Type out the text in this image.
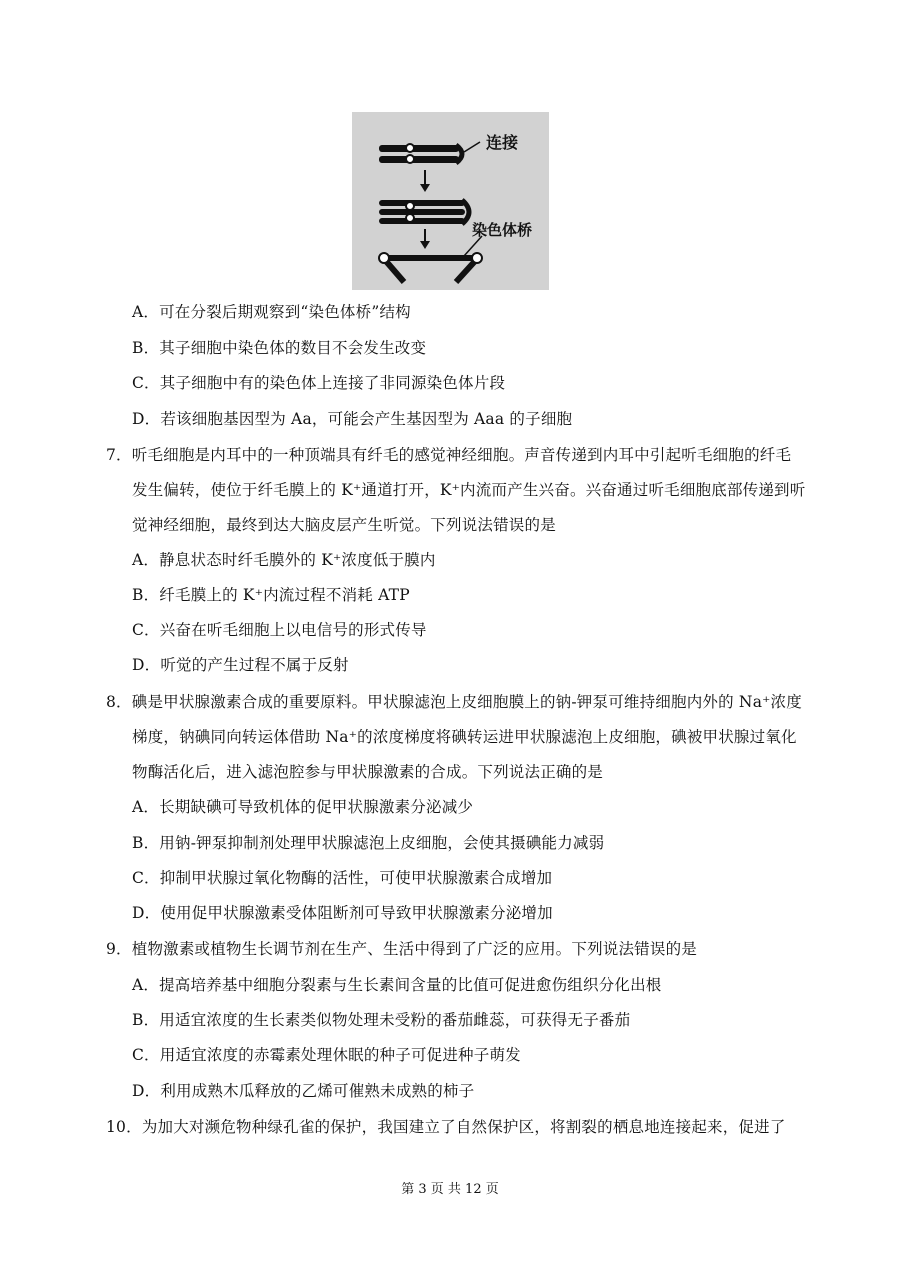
连接
染色体桥
A．可在分裂后期观察到“染色体桥”结构
B．其子细胞中染色体的数目不会发生改变
C．其子细胞中有的染色体上连接了非同源染色体片段
D．若该细胞基因型为 Aa，可能会产生基因型为 Aaa 的子细胞
7．听毛细胞是内耳中的一种顶端具有纤毛的感觉神经细胞。声音传递到内耳中引起听毛细胞的纤毛
发生偏转，使位于纤毛膜上的 K⁺通道打开，K⁺内流而产生兴奋。兴奋通过听毛细胞底部传递到听
觉神经细胞，最终到达大脑皮层产生听觉。下列说法错误的是
A．静息状态时纤毛膜外的 K⁺浓度低于膜内
B．纤毛膜上的 K⁺内流过程不消耗 ATP
C．兴奋在听毛细胞上以电信号的形式传导
D．听觉的产生过程不属于反射
8．碘是甲状腺激素合成的重要原料。甲状腺滤泡上皮细胞膜上的钠-钾泵可维持细胞内外的 Na⁺浓度
梯度，钠碘同向转运体借助 Na⁺的浓度梯度将碘转运进甲状腺滤泡上皮细胞，碘被甲状腺过氧化
物酶活化后，进入滤泡腔参与甲状腺激素的合成。下列说法正确的是
A．长期缺碘可导致机体的促甲状腺激素分泌减少
B．用钠-钾泵抑制剂处理甲状腺滤泡上皮细胞，会使其摄碘能力减弱
C．抑制甲状腺过氧化物酶的活性，可使甲状腺激素合成增加
D．使用促甲状腺激素受体阻断剂可导致甲状腺激素分泌增加
9．植物激素或植物生长调节剂在生产、生活中得到了广泛的应用。下列说法错误的是
A．提高培养基中细胞分裂素与生长素间含量的比值可促进愈伤组织分化出根
B．用适宜浓度的生长素类似物处理未受粉的番茄雌蕊，可获得无子番茄
C．用适宜浓度的赤霉素处理休眠的种子可促进种子萌发
D．利用成熟木瓜释放的乙烯可催熟未成熟的柿子
10．为加大对濒危物种绿孔雀的保护，我国建立了自然保护区，将割裂的栖息地连接起来，促进了
第 3 页 共 12 页
